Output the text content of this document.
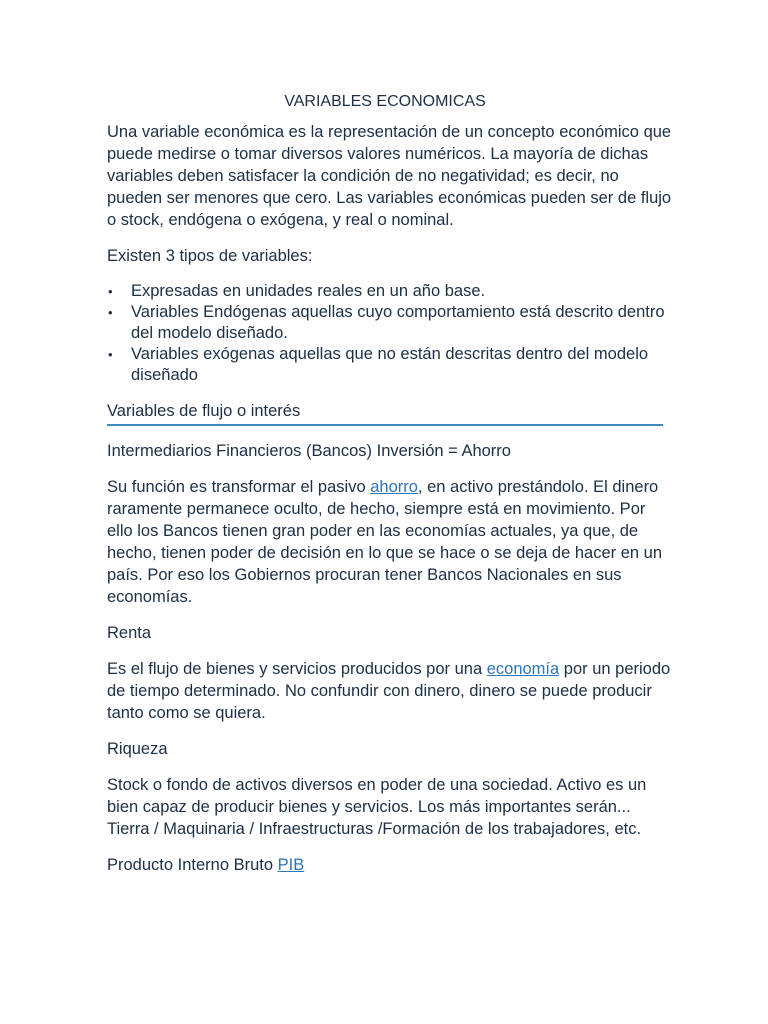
VARIABLES ECONOMICAS

Una variable económica es la representación de un concepto económico que puede medirse o tomar diversos valores numéricos. La mayoría de dichas variables deben satisfacer la condición de no negatividad; es decir, no pueden ser menores que cero. Las variables económicas pueden ser de flujo o stock, endógena o exógena, y real o nominal.

Existen 3 tipos de variables:

• Expresadas en unidades reales en un año base.
• Variables Endógenas aquellas cuyo comportamiento está descrito dentro del modelo diseñado.
• Variables exógenas aquellas que no están descritas dentro del modelo diseñado
Variables de flujo o interés

Intermediarios Financieros (Bancos) Inversión = Ahorro

Su función es transformar el pasivo ahorro, en activo prestándolo. El dinero raramente permanece oculto, de hecho, siempre está en movimiento. Por ello los Bancos tienen gran poder en las economías actuales, ya que, de hecho, tienen poder de decisión en lo que se hace o se deja de hacer en un país. Por eso los Gobiernos procuran tener Bancos Nacionales en sus economías.

Renta

Es el flujo de bienes y servicios producidos por una economía por un periodo de tiempo determinado. No confundir con dinero, dinero se puede producir tanto como se quiera.

Riqueza

Stock o fondo de activos diversos en poder de una sociedad. Activo es un bien capaz de producir bienes y servicios. Los más importantes serán... Tierra / Maquinaria / Infraestructuras /Formación de los trabajadores, etc.

Producto Interno Bruto PIB
